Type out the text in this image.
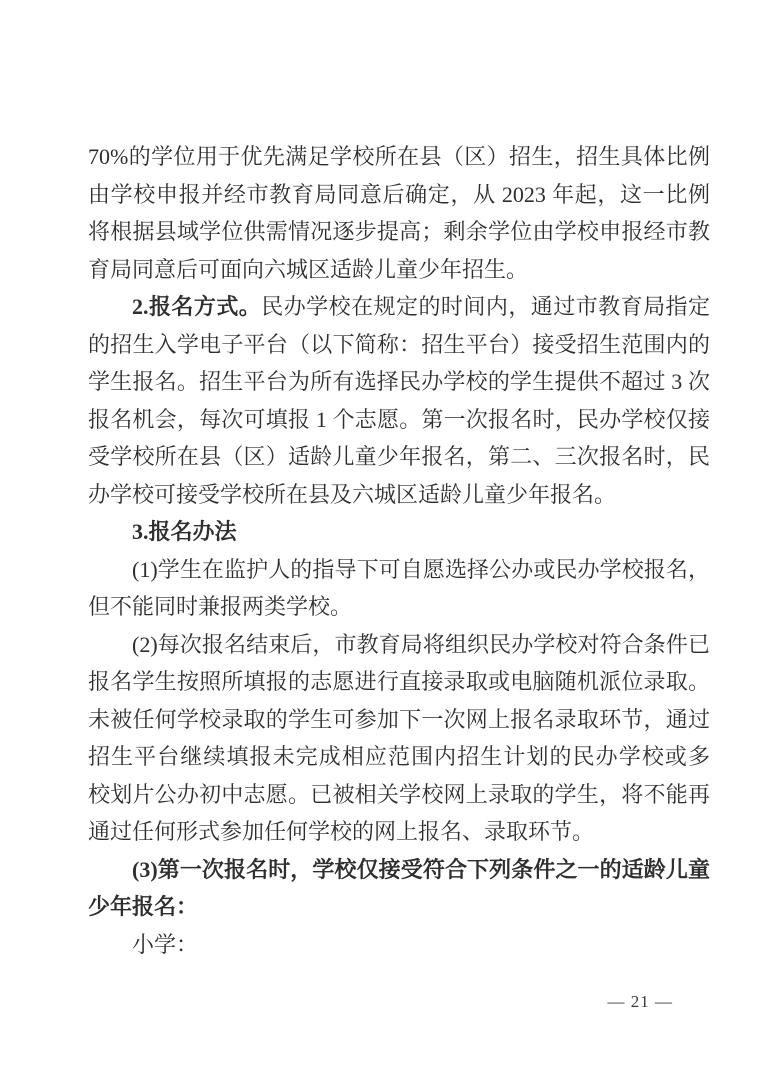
70%的学位用于优先满足学校所在县（区）招生，招生具体比例
由学校申报并经市教育局同意后确定，从 2023 年起，这一比例
将根据县域学位供需情况逐步提高；剩余学位由学校申报经市教
育局同意后可面向六城区适龄儿童少年招生。
2.报名方式。民办学校在规定的时间内，通过市教育局指定
的招生入学电子平台（以下简称：招生平台）接受招生范围内的
学生报名。招生平台为所有选择民办学校的学生提供不超过 3 次
报名机会，每次可填报 1 个志愿。第一次报名时，民办学校仅接
受学校所在县（区）适龄儿童少年报名，第二、三次报名时，民
办学校可接受学校所在县及六城区适龄儿童少年报名。
3.报名办法
(1)学生在监护人的指导下可自愿选择公办或民办学校报名，
但不能同时兼报两类学校。
(2)每次报名结束后，市教育局将组织民办学校对符合条件已
报名学生按照所填报的志愿进行直接录取或电脑随机派位录取。
未被任何学校录取的学生可参加下一次网上报名录取环节，通过
招生平台继续填报未完成相应范围内招生计划的民办学校或多
校划片公办初中志愿。已被相关学校网上录取的学生，将不能再
通过任何形式参加任何学校的网上报名、录取环节。
(3)第一次报名时，学校仅接受符合下列条件之一的适龄儿童
少年报名：
小学：
— 21 —
